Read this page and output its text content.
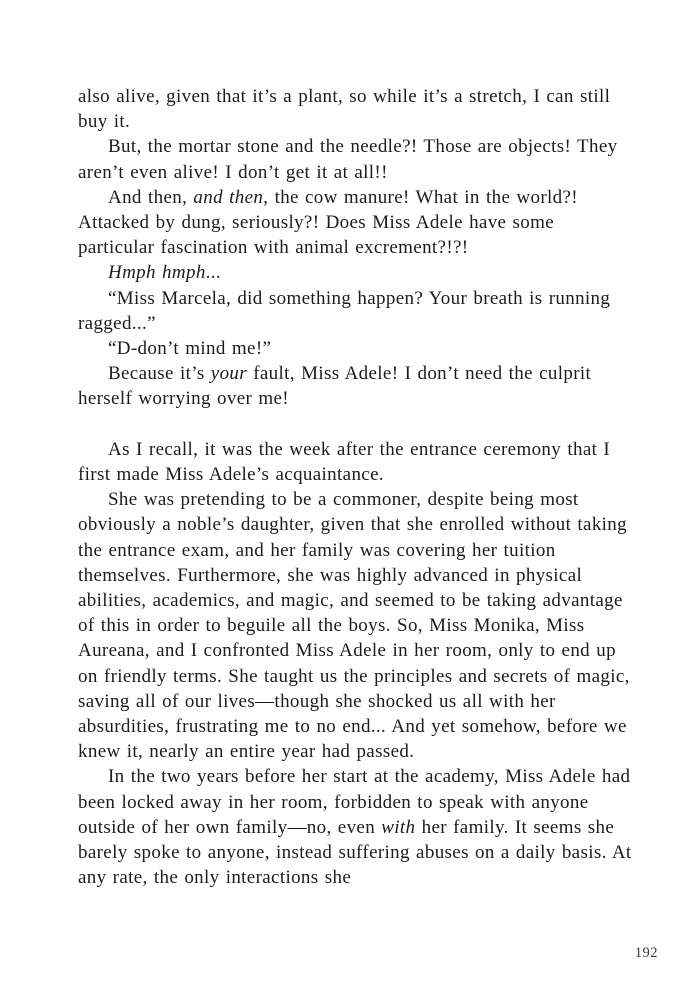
also alive, given that it’s a plant, so while it’s a stretch, I can still buy it.

But, the mortar stone and the needle?! Those are objects! They aren’t even alive! I don’t get it at all!!

And then, and then, the cow manure! What in the world?! Attacked by dung, seriously?! Does Miss Adele have some particular fascination with animal excrement?!?!

Hmph hmph...

“Miss Marcela, did something happen? Your breath is running ragged...”

“D-don’t mind me!”

Because it’s your fault, Miss Adele! I don’t need the culprit herself worrying over me!

As I recall, it was the week after the entrance ceremony that I first made Miss Adele’s acquaintance.

She was pretending to be a commoner, despite being most obviously a noble’s daughter, given that she enrolled without taking the entrance exam, and her family was covering her tuition themselves. Furthermore, she was highly advanced in physical abilities, academics, and magic, and seemed to be taking advantage of this in order to beguile all the boys. So, Miss Monika, Miss Aureana, and I confronted Miss Adele in her room, only to end up on friendly terms. She taught us the principles and secrets of magic, saving all of our lives—though she shocked us all with her absurdities, frustrating me to no end... And yet somehow, before we knew it, nearly an entire year had passed.

In the two years before her start at the academy, Miss Adele had been locked away in her room, forbidden to speak with anyone outside of her own family—no, even with her family. It seems she barely spoke to anyone, instead suffering abuses on a daily basis. At any rate, the only interactions she

192
